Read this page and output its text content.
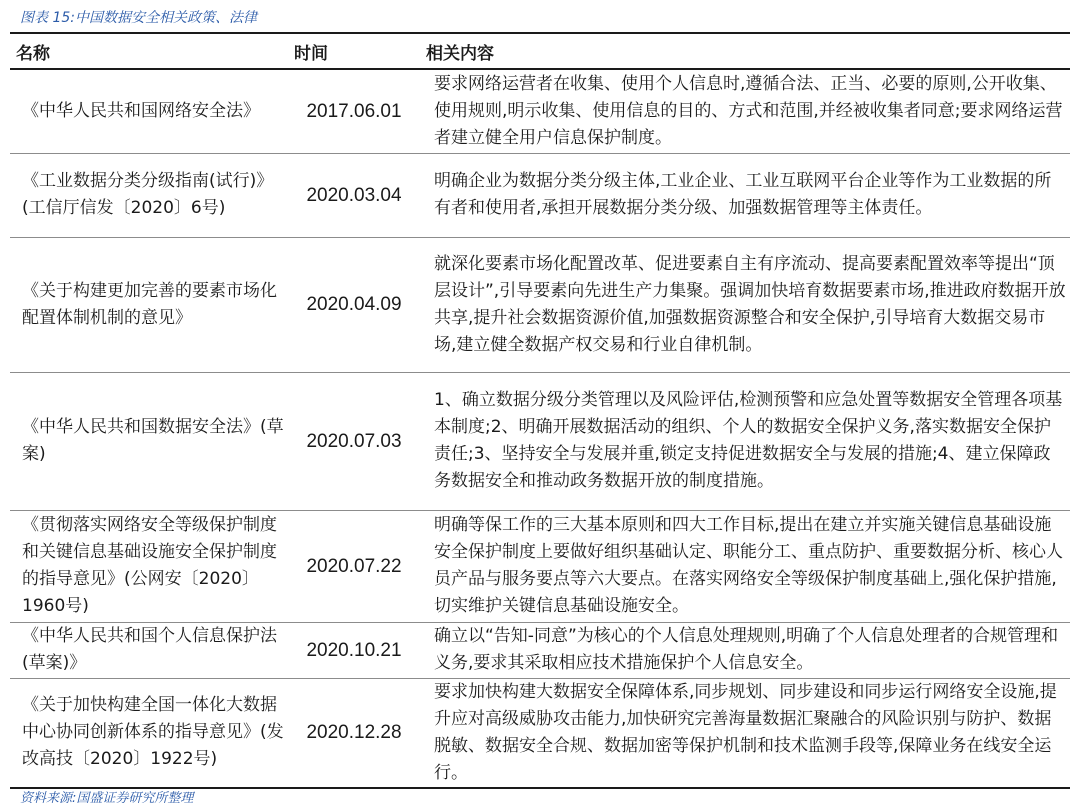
图表 15:中国数据安全相关政策、法律
名称	时间	相关内容
《中华人民共和国网络安全法》	2017.06.01	要求网络运营者在收集、使用个人信息时,遵循合法、正当、必要的原则,公开收集、使用规则,明示收集、使用信息的目的、方式和范围,并经被收集者同意;要求网络运营者建立健全用户信息保护制度。
《工业数据分类分级指南(试行)》(工信厅信发〔2020〕6号)	2020.03.04	明确企业为数据分类分级主体,工业企业、工业互联网平台企业等作为工业数据的所有者和使用者,承担开展数据分类分级、加强数据管理等主体责任。
《关于构建更加完善的要素市场化配置体制机制的意见》	2020.04.09	就深化要素市场化配置改革、促进要素自主有序流动、提高要素配置效率等提出“顶层设计”,引导要素向先进生产力集聚。强调加快培育数据要素市场,推进政府数据开放共享,提升社会数据资源价值,加强数据资源整合和安全保护,引导培育大数据交易市场,建立健全数据产权交易和行业自律机制。
《中华人民共和国数据安全法》(草案)	2020.07.03	1、确立数据分级分类管理以及风险评估,检测预警和应急处置等数据安全管理各项基本制度;2、明确开展数据活动的组织、个人的数据安全保护义务,落实数据安全保护责任;3、坚持安全与发展并重,锁定支持促进数据安全与发展的措施;4、建立保障政务数据安全和推动政务数据开放的制度措施。
《贯彻落实网络安全等级保护制度和关键信息基础设施安全保护制度的指导意见》(公网安〔2020〕1960号)	2020.07.22	明确等保工作的三大基本原则和四大工作目标,提出在建立并实施关键信息基础设施安全保护制度上要做好组织基础认定、职能分工、重点防护、重要数据分析、核心人员产品与服务要点等六大要点。在落实网络安全等级保护制度基础上,强化保护措施,切实维护关键信息基础设施安全。
《中华人民共和国个人信息保护法(草案)》	2020.10.21	确立以“告知-同意”为核心的个人信息处理规则,明确了个人信息处理者的合规管理和义务,要求其采取相应技术措施保护个人信息安全。
《关于加快构建全国一体化大数据中心协同创新体系的指导意见》(发改高技〔2020〕1922号)	2020.12.28	要求加快构建大数据安全保障体系,同步规划、同步建设和同步运行网络安全设施,提升应对高级威胁攻击能力,加快研究完善海量数据汇聚融合的风险识别与防护、数据脱敏、数据安全合规、数据加密等保护机制和技术监测手段等,保障业务在线安全运行。
资料来源:国盛证券研究所整理
